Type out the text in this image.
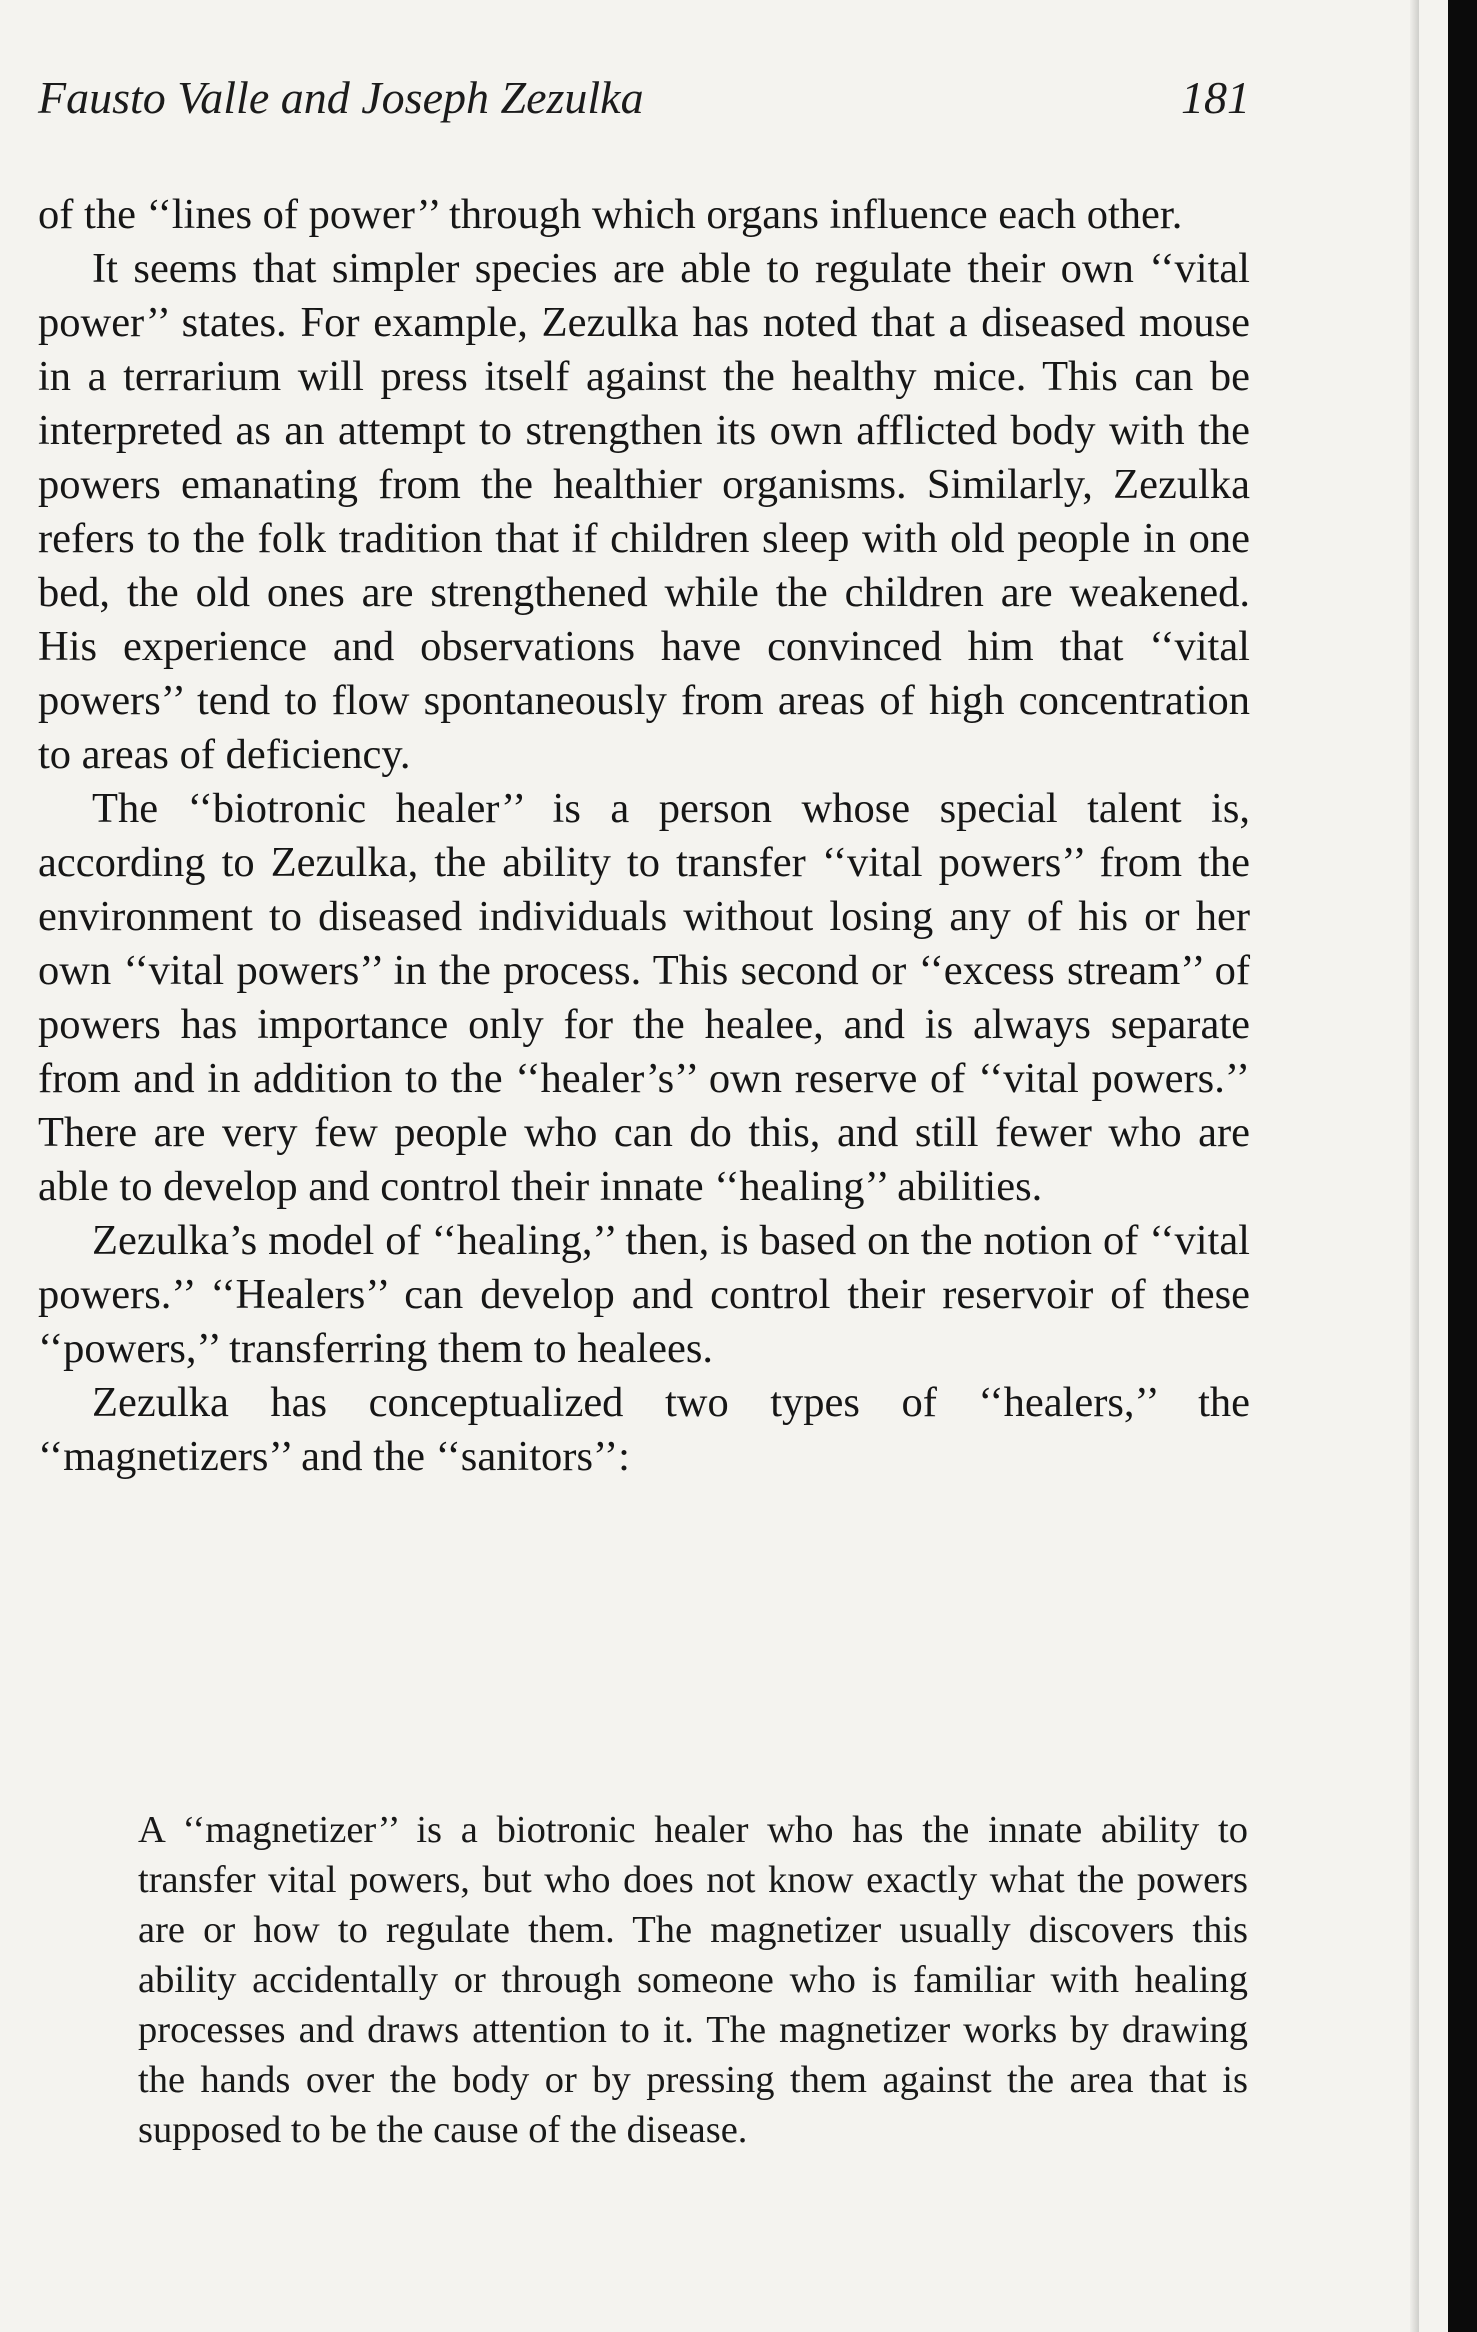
Fausto Valle and Joseph Zezulka	181

of the ‘‘lines of power’’ through which organs influence each other.

It seems that simpler species are able to regulate their own ‘‘vital power’’ states. For example, Zezulka has noted that a diseased mouse in a terrarium will press itself against the healthy mice. This can be interpreted as an attempt to strengthen its own afflicted body with the powers emanating from the healthier organisms. Similarly, Zezulka refers to the folk tradition that if children sleep with old people in one bed, the old ones are strengthened while the children are weakened. His experience and observations have convinced him that ‘‘vital powers’’ tend to flow spontaneously from areas of high concentration to areas of deficiency.

The ‘‘biotronic healer’’ is a person whose special talent is, according to Zezulka, the ability to transfer ‘‘vital powers’’ from the environment to diseased individuals without losing any of his or her own ‘‘vital powers’’ in the process. This second or ‘‘excess stream’’ of powers has importance only for the healee, and is always separate from and in addition to the ‘‘healer’s’’ own reserve of ‘‘vital powers.’’ There are very few people who can do this, and still fewer who are able to develop and control their innate ‘‘healing’’ abilities.

Zezulka’s model of ‘‘healing,’’ then, is based on the notion of ‘‘vital powers.’’ ‘‘Healers’’ can develop and control their reservoir of these ‘‘powers,’’ transferring them to healees.

Zezulka has conceptualized two types of ‘‘healers,’’ the ‘‘magnetizers’’ and the ‘‘sanitors’’:

A ‘‘magnetizer’’ is a biotronic healer who has the innate ability to transfer vital powers, but who does not know exactly what the powers are or how to regulate them. The magnetizer usually discovers this ability accidentally or through someone who is familiar with healing processes and draws attention to it. The magnetizer works by drawing the hands over the body or by pressing them against the area that is supposed to be the cause of the disease.
